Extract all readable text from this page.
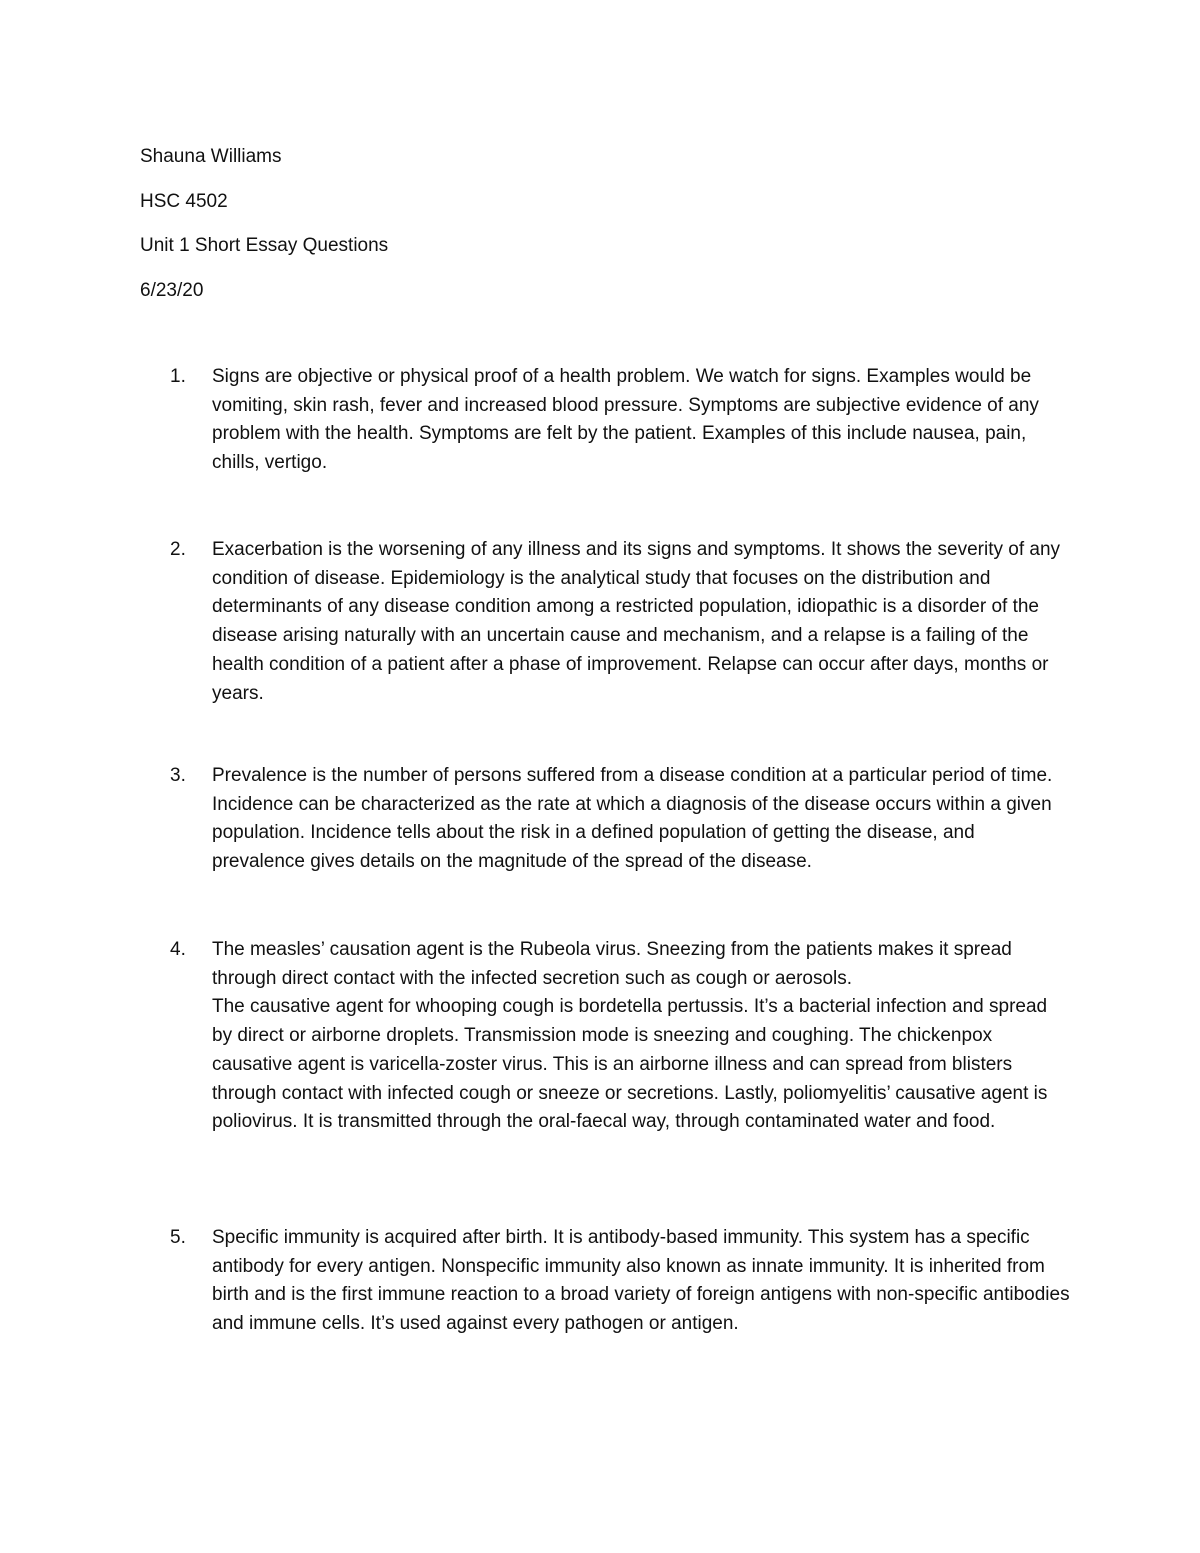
Shauna Williams
HSC 4502
Unit 1 Short Essay Questions
6/23/20
1. Signs are objective or physical proof of a health problem. We watch for signs. Examples would be vomiting, skin rash, fever and increased blood pressure. Symptoms are subjective evidence of any problem with the health. Symptoms are felt by the patient. Examples of this include nausea, pain, chills, vertigo.

2. Exacerbation is the worsening of any illness and its signs and symptoms. It shows the severity of any condition of disease. Epidemiology is the analytical study that focuses on the distribution and determinants of any disease condition among a restricted population, idiopathic is a disorder of the disease arising naturally with an uncertain cause and mechanism, and a relapse is a failing of the health condition of a patient after a phase of improvement. Relapse can occur after days, months or years.

3. Prevalence is the number of persons suffered from a disease condition at a particular period of time. Incidence can be characterized as the rate at which a diagnosis of the disease occurs within a given population. Incidence tells about the risk in a defined population of getting the disease, and prevalence gives details on the magnitude of the spread of the disease.

4. The measles’ causation agent is the Rubeola virus. Sneezing from the patients makes it spread through direct contact with the infected secretion such as cough or aerosols.

The causative agent for whooping cough is bordetella pertussis. It’s a bacterial infection and spread by direct or airborne droplets. Transmission mode is sneezing and coughing. The chickenpox causative agent is varicella-zoster virus. This is an airborne illness and can spread from blisters through contact with infected cough or sneeze or secretions. Lastly, poliomyelitis’ causative agent is poliovirus. It is transmitted through the oral-faecal way, through contaminated water and food.

5. Specific immunity is acquired after birth. It is antibody-based immunity. This system has a specific antibody for every antigen. Nonspecific immunity also known as innate immunity. It is inherited from birth and is the first immune reaction to a broad variety of foreign antigens with non-specific antibodies and immune cells. It’s used against every pathogen or antigen.
